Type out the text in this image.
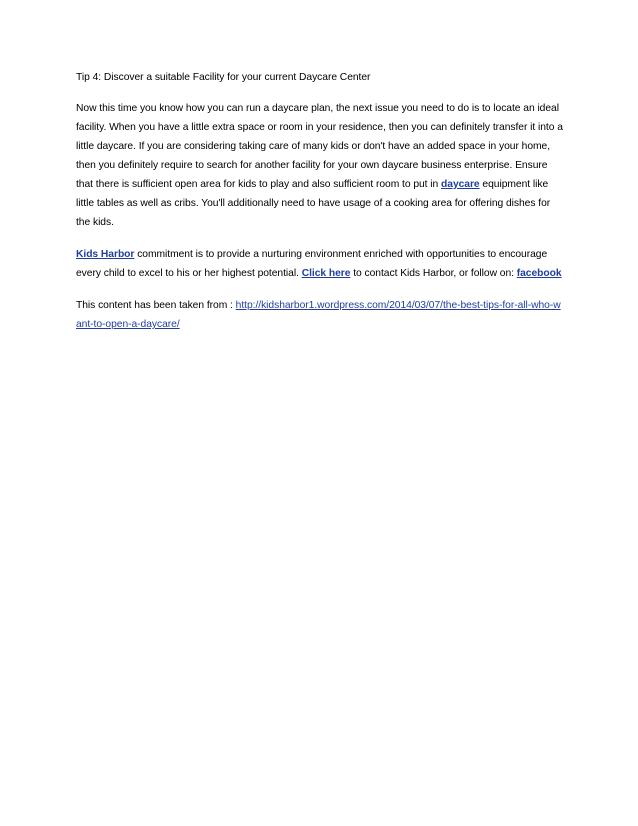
Tip 4: Discover a suitable Facility for your current Daycare Center

Now this time you know how you can run a daycare plan, the next issue you need to do is to locate an ideal facility. When you have a little extra space or room in your residence, then you can definitely transfer it into a little daycare. If you are considering taking care of many kids or don't have an added space in your home, then you definitely require to search for another facility for your own daycare business enterprise. Ensure that there is sufficient open area for kids to play and also sufficient room to put in daycare equipment like little tables as well as cribs. You'll additionally need to have usage of a cooking area for offering dishes for the kids.

Kids Harbor commitment is to provide a nurturing environment enriched with opportunities to encourage every child to excel to his or her highest potential. Click here to contact Kids Harbor, or follow on: facebook

This content has been taken from : http://kidsharbor1.wordpress.com/2014/03/07/the-best-tips-for-all-who-want-to-open-a-daycare/
